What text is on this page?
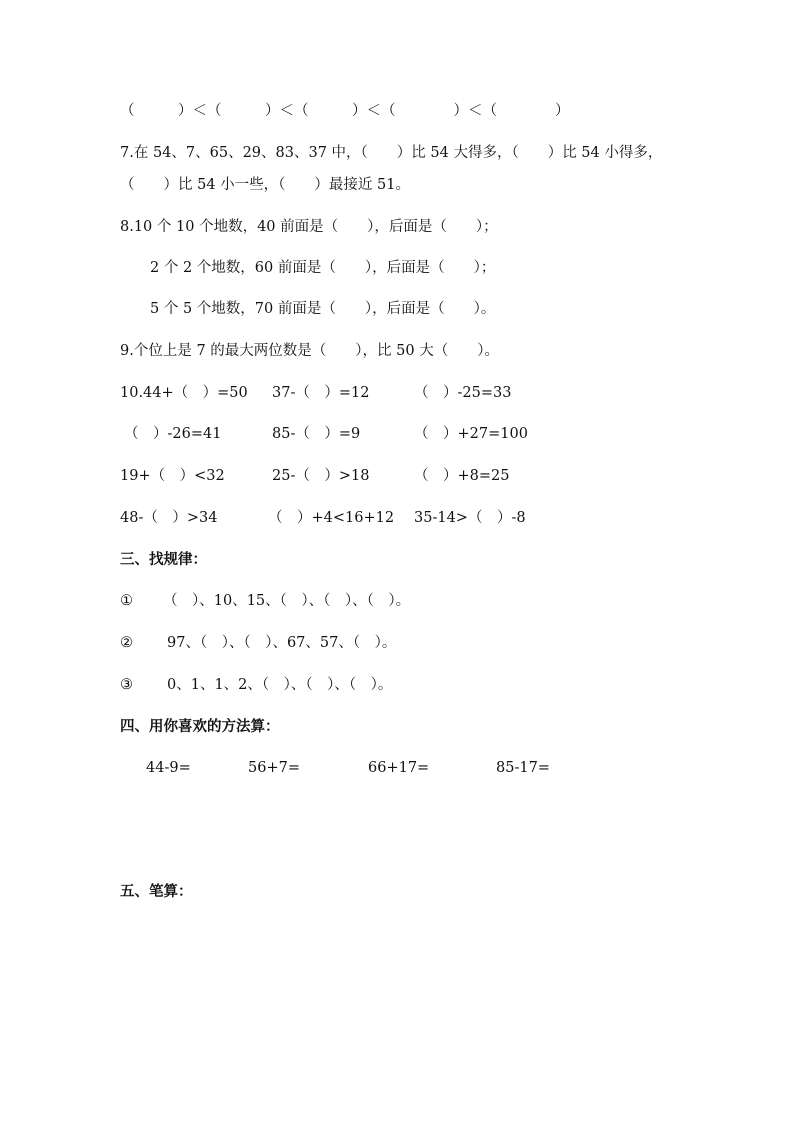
（　　　）＜（　　　）＜（　　　）＜（　　　　）＜（　　　　）
7.在 54、7、65、29、83、37 中，（　　）比 54 大得多，（　　）比 54 小得多，
（　　）比 54 小一些，（　　）最接近 51。
8.10 个 10 个地数，40 前面是（　　），后面是（　　）；
2 个 2 个地数，60 前面是（　　），后面是（　　）；
5 个 5 个地数，70 前面是（　　），后面是（　　）。
9.个位上是 7 的最大两位数是（　　），比 50 大（　　）。
10.44+（　）=50 37-（　）=12	（　）-25=33
（　）-26=41	85-（　）=9	（　）+27=100
19+（　）<32	25-（　）>18	（　）+8=25
48-（　）>34	（　）+4<16+12 35-14>（　）-8
三、找规律：
① （　）、10、15、（　）、（　）、（　）。
② 97、（　）、（　）、67、57、（　）。
③ 0、1、1、2、（　）、（　）、（　）。
四、用你喜欢的方法算：
44-9=	56+7=	66+17=	85-17=
五、笔算：
